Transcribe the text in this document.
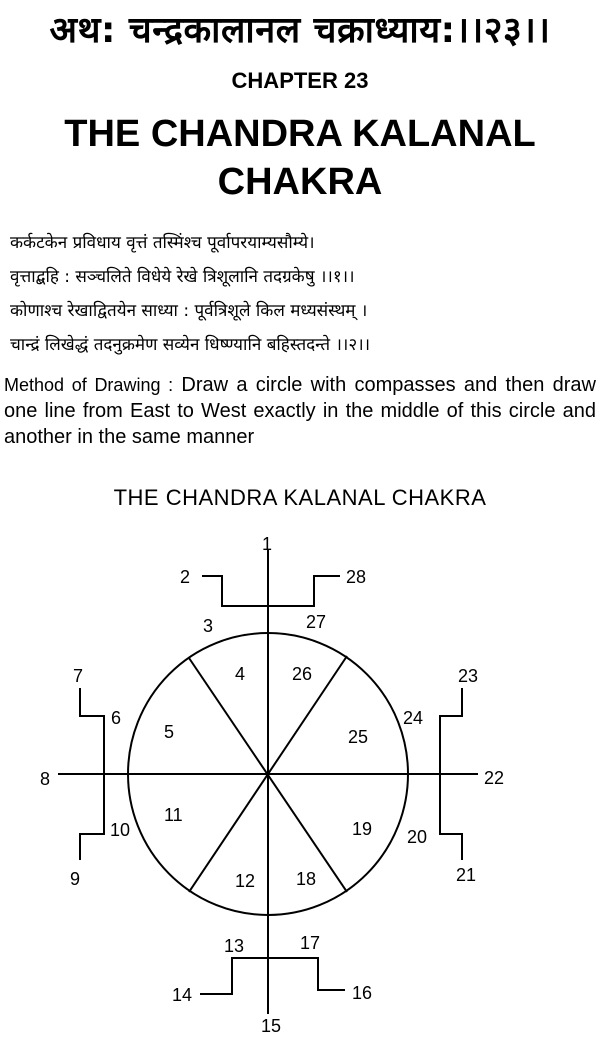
अथ: चन्द्रकालानल चक्राध्याय:।।२३।।
CHAPTER 23
THE CHANDRA KALANAL
CHAKRA
कर्कटकेन प्रविधाय वृत्तं तस्मिंश्च पूर्वापरयाम्यसौम्ये।
वृत्ताद्बहि : सञ्चलिते विधेये रेखे त्रिशूलानि तदग्रकेषु ।।१।।
कोणाश्च रेखाद्वितयेन साध्या : पूर्वत्रिशूले किल मध्यसंस्थम् ।
चान्द्रं लिखेद्धं तदनुक्रमेण सव्येन धिष्ण्यानि बहिस्तदन्ते ।।२।।
Method of Drawing : Draw a circle with compasses and then draw one line from East to West exactly in the middle of this circle and another in the same manner
THE CHANDRA KALANAL CHAKRA
1
2	28
3	27
4	26
7	23
6	24
5	25
8	22
11
19
10	20
12 18
9	21
13	17
14	16
15
